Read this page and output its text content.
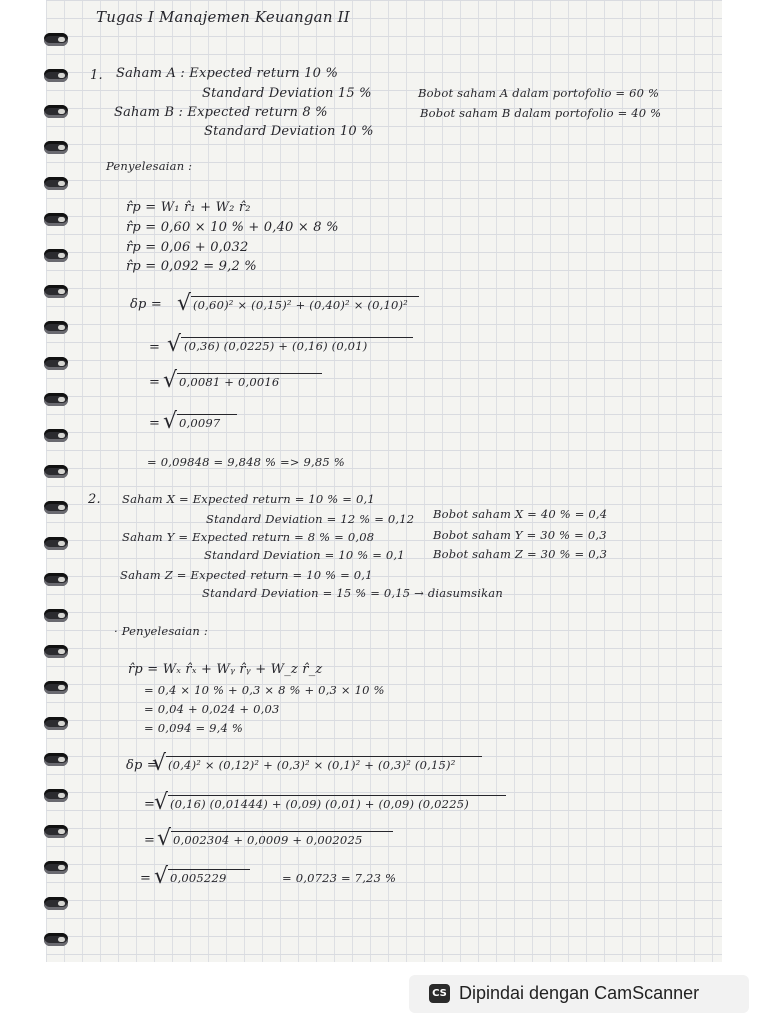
Tugas I Manajemen Keuangan II
1. Saham A : Expected return 10 %
Standard Deviation 15 %
Saham B : Expected return 8 %
Standard Deviation 10 %
Bobot saham A dalam portofolio = 60 %
Bobot saham B dalam portofolio = 40 %
Penyelesaian :
r̂p = W₁ r̂₁ + W₂ r̂₂
r̂p = 0,60 × 10 % + 0,40 × 8 %
r̂p = 0,06 + 0,032
r̂p = 0,092 = 9,2 %
δp =
=
=
=
√
(0,60)² × (0,15)² + (0,40)² × (0,10)²
√
(0,36) (0,0225) + (0,16) (0,01)
√
0,0081 + 0,0016
√
0,0097
= 0,09848 = 9,848 % => 9,85 %
2. Saham X = Expected return = 10 % = 0,1
Standard Deviation = 12 % = 0,12
Saham Y = Expected return = 8 % = 0,08
Standard Deviation = 10 % = 0,1
Saham Z = Expected return = 10 % = 0,1
Standard Deviation = 15 % = 0,15 → diasumsikan
Bobot saham X = 40 % = 0,4
Bobot saham Y = 30 % = 0,3
Bobot saham Z = 30 % = 0,3
· Penyelesaian :
r̂p = Wₓ r̂ₓ + Wᵧ r̂ᵧ + W_z r̂_z
= 0,4 × 10 % + 0,3 × 8 % + 0,3 × 10 %
= 0,04 + 0,024 + 0,03
= 0,094 = 9,4 %
δp =
=
=
=
√
(0,4)² × (0,12)² + (0,3)² × (0,1)² + (0,3)² (0,15)²
√
(0,16) (0,01444) + (0,09) (0,01) + (0,09) (0,0225)
√
0,002304 + 0,0009 + 0,002025
√
0,005229	= 0,0723 = 7,23 %
CS Dipindai dengan CamScanner
